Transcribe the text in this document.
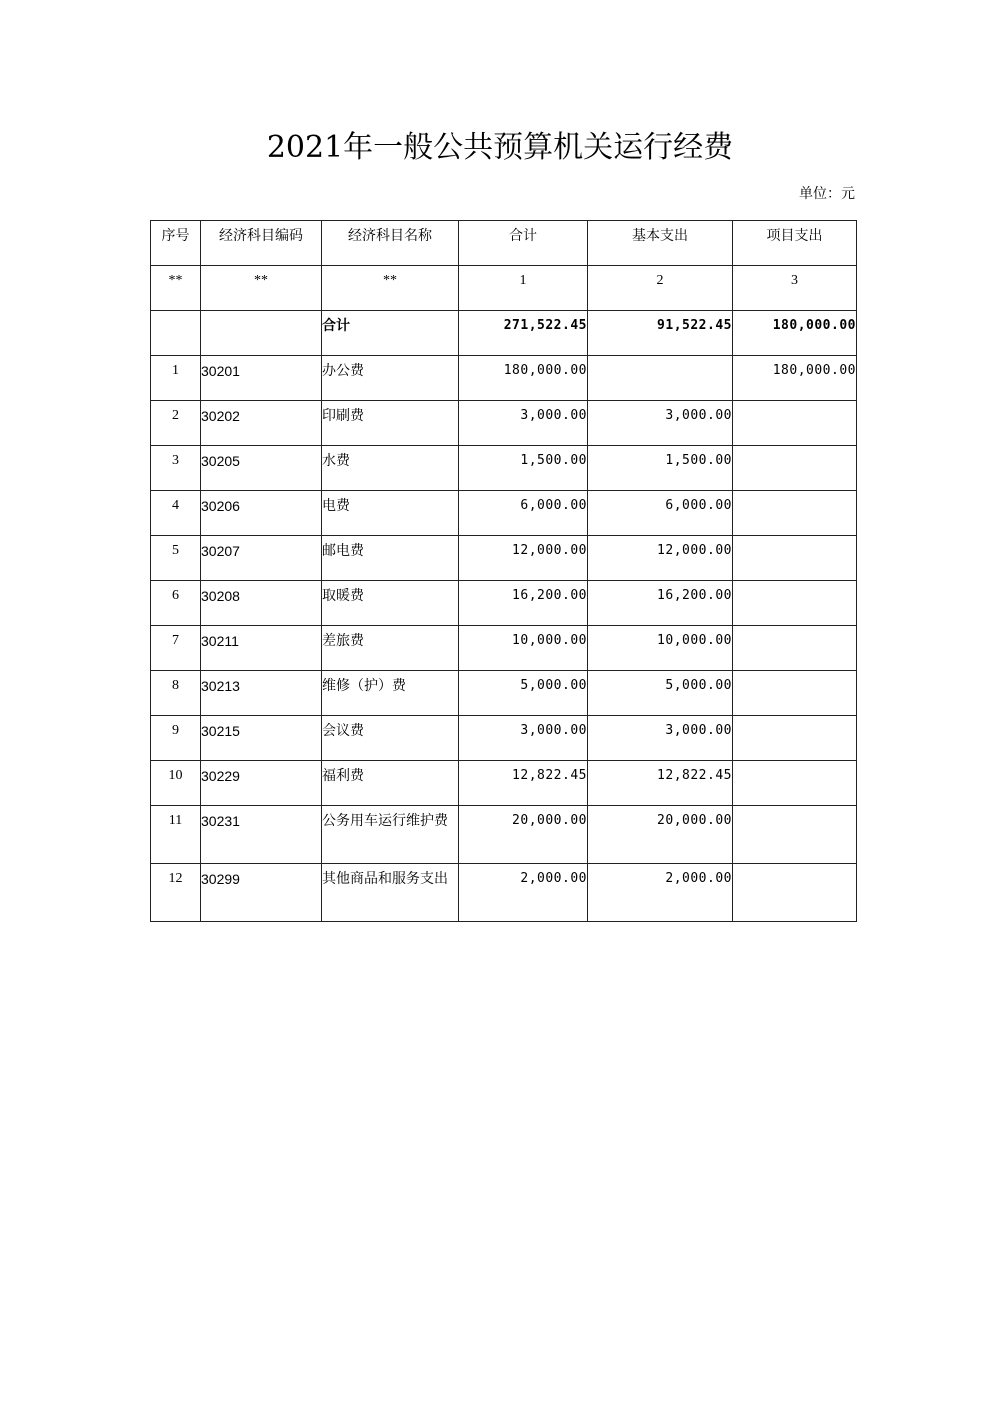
2021年一般公共预算机关运行经费
单位：元
序号	经济科目编码	经济科目名称	合计	基本支出	项目支出

**	**	**	1	2	3

		合计	271,522.45	91,522.45	180,000.00

1	30201	办公费	180,000.00		180,000.00

2	30202	印刷费	3,000.00	3,000.00	

3	30205	水费	1,500.00	1,500.00	

4	30206	电费	6,000.00	6,000.00	

5	30207	邮电费	12,000.00	12,000.00	

6	30208	取暖费	16,200.00	16,200.00	

7	30211	差旅费	10,000.00	10,000.00	

8	30213	维修（护）费	5,000.00	5,000.00	

9	30215	会议费	3,000.00	3,000.00	

10	30229	福利费	12,822.45	12,822.45	

11	30231	公务用车运行维护费	20,000.00	20,000.00	

12	30299	其他商品和服务支出	2,000.00	2,000.00	
